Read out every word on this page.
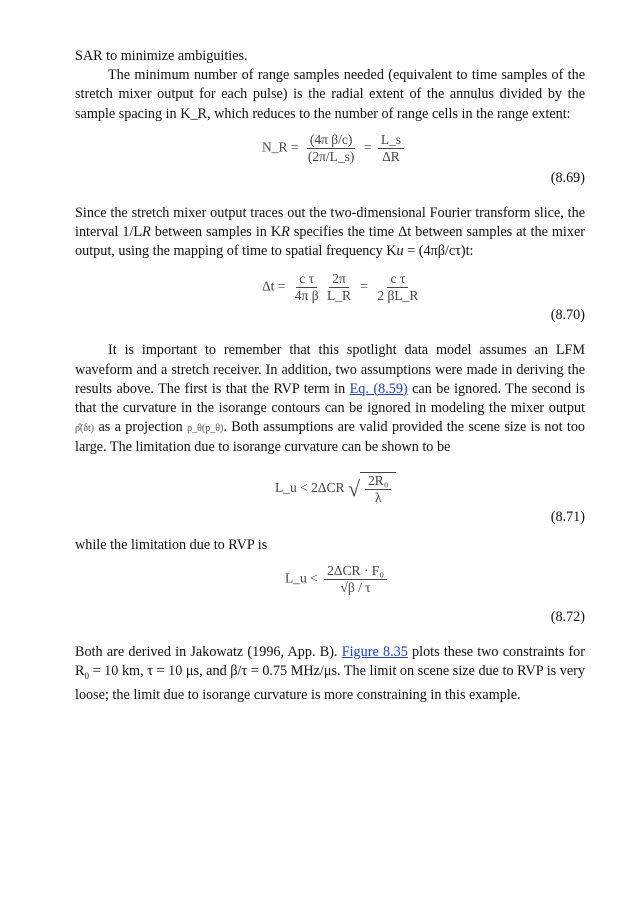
SAR to minimize ambiguities.

The minimum number of range samples needed (equivalent to time samples of the stretch mixer output for each pulse) is the radial extent of the annulus divided by the sample spacing in K_R, which reduces to the number of range cells in the range extent:

N_R = $\frac{\text{(4π β/c)}}{(2\pi/L\_s)} = \frac{L\_s}{\Delta R}$
(8.69)

Since the stretch mixer output traces out the two-dimensional Fourier transform slice, the interval 1/LR between samples in KR specifies the time Δt between samples at the mixer output, using the mapping of time to spatial frequency Ku = (4πβ/cτ)t:

$\Delta t = \frac{\text{c τ}}{\text{4π β}}$
$\frac{2\pi}{L\_R} = \frac{\text{c τ}}{2 \beta L\_R}$
(8.70)

It is important to remember that this spotlight data model assumes an LFM waveform and a stretch receiver. In addition, two assumptions were made in deriving the results above. The first is that the RVP term in Eq. (8.59) can be ignored. The second is that the curvature in the isorange contours can be ignored in modeling the mixer output ρ̂(δt) as a projection ρ_θ(p_θ). Both assumptions are valid provided the scene size is not too large. The limitation due to isorange curvature can be shown to be

L_u < 2ΔCR √ $\frac{\text{2R₀}}{\lambda}$
(8.71)

while the limitation due to RVP is

L_u < $\frac{\text{2ΔCR · F₀}}{√\beta / \tau}$
(8.72)

Both are derived in Jakowatz (1996, App. B). Figure 8.35 plots these two constraints for $R_0 = 10$ km, τ = 10 μs, and β/τ = 0.75 MHz/μs. The limit on scene size due to RVP is very loose; the limit due to isorange curvature is more constraining in this example.
